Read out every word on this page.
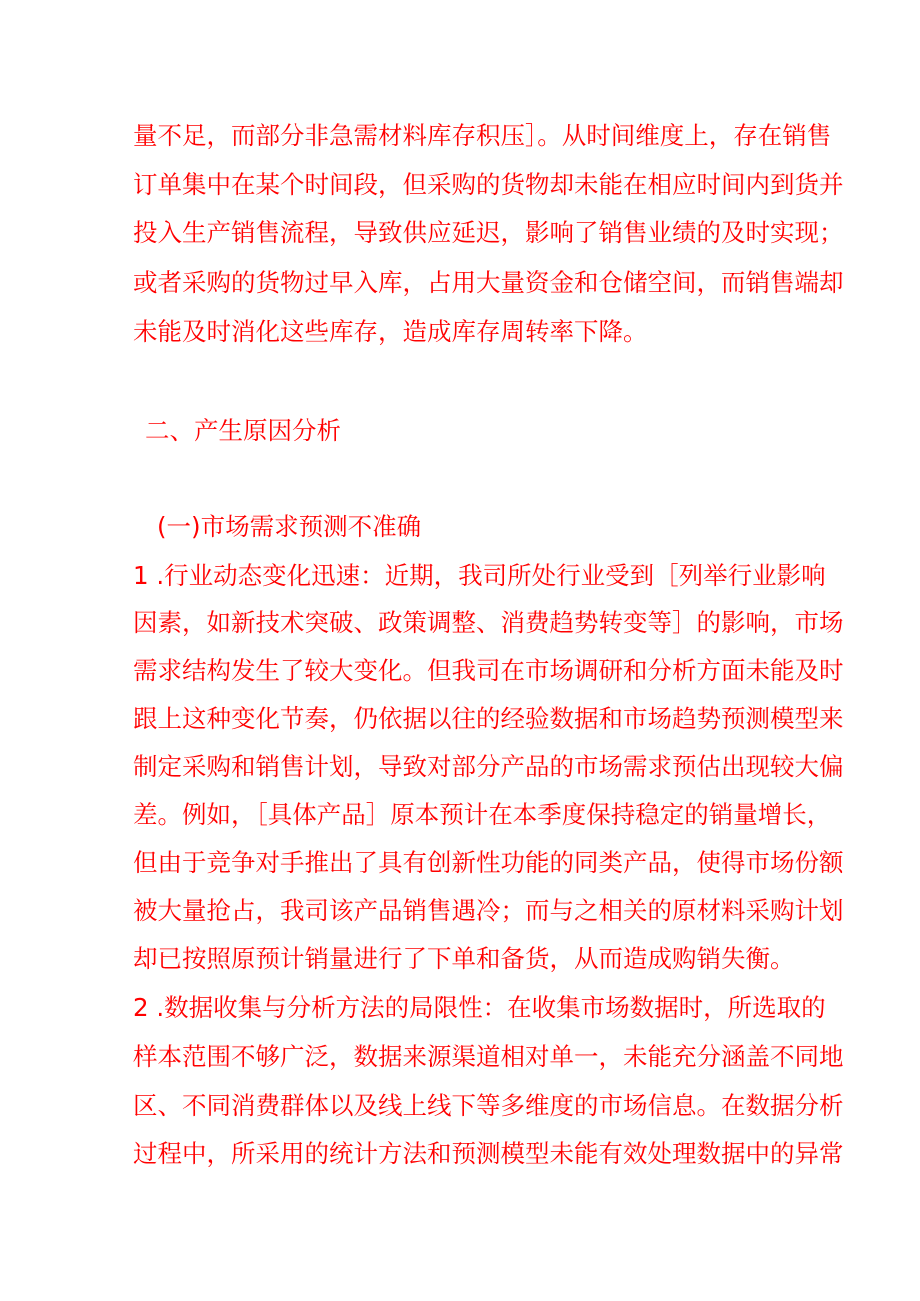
量不足，而部分非急需材料库存积压］。从时间维度上，存在销售
订单集中在某个时间段，但采购的货物却未能在相应时间内到货并
投入生产销售流程，导致供应延迟，影响了销售业绩的及时实现；
或者采购的货物过早入库，占用大量资金和仓储空间，而销售端却
未能及时消化这些库存，造成库存周转率下降。
二、产生原因分析
(一)市场需求预测不准确
1 .行业动态变化迅速：近期，我司所处行业受到［列举行业影响
因素，如新技术突破、政策调整、消费趋势转变等］的影响，市场
需求结构发生了较大变化。但我司在市场调研和分析方面未能及时
跟上这种变化节奏，仍依据以往的经验数据和市场趋势预测模型来
制定采购和销售计划，导致对部分产品的市场需求预估出现较大偏
差。例如，［具体产品］原本预计在本季度保持稳定的销量增长，
但由于竞争对手推出了具有创新性功能的同类产品，使得市场份额
被大量抢占，我司该产品销售遇冷；而与之相关的原材料采购计划
却已按照原预计销量进行了下单和备货，从而造成购销失衡。
2 .数据收集与分析方法的局限性：在收集市场数据时，所选取的
样本范围不够广泛，数据来源渠道相对单一，未能充分涵盖不同地
区、不同消费群体以及线上线下等多维度的市场信息。在数据分析
过程中，所采用的统计方法和预测模型未能有效处理数据中的异常
